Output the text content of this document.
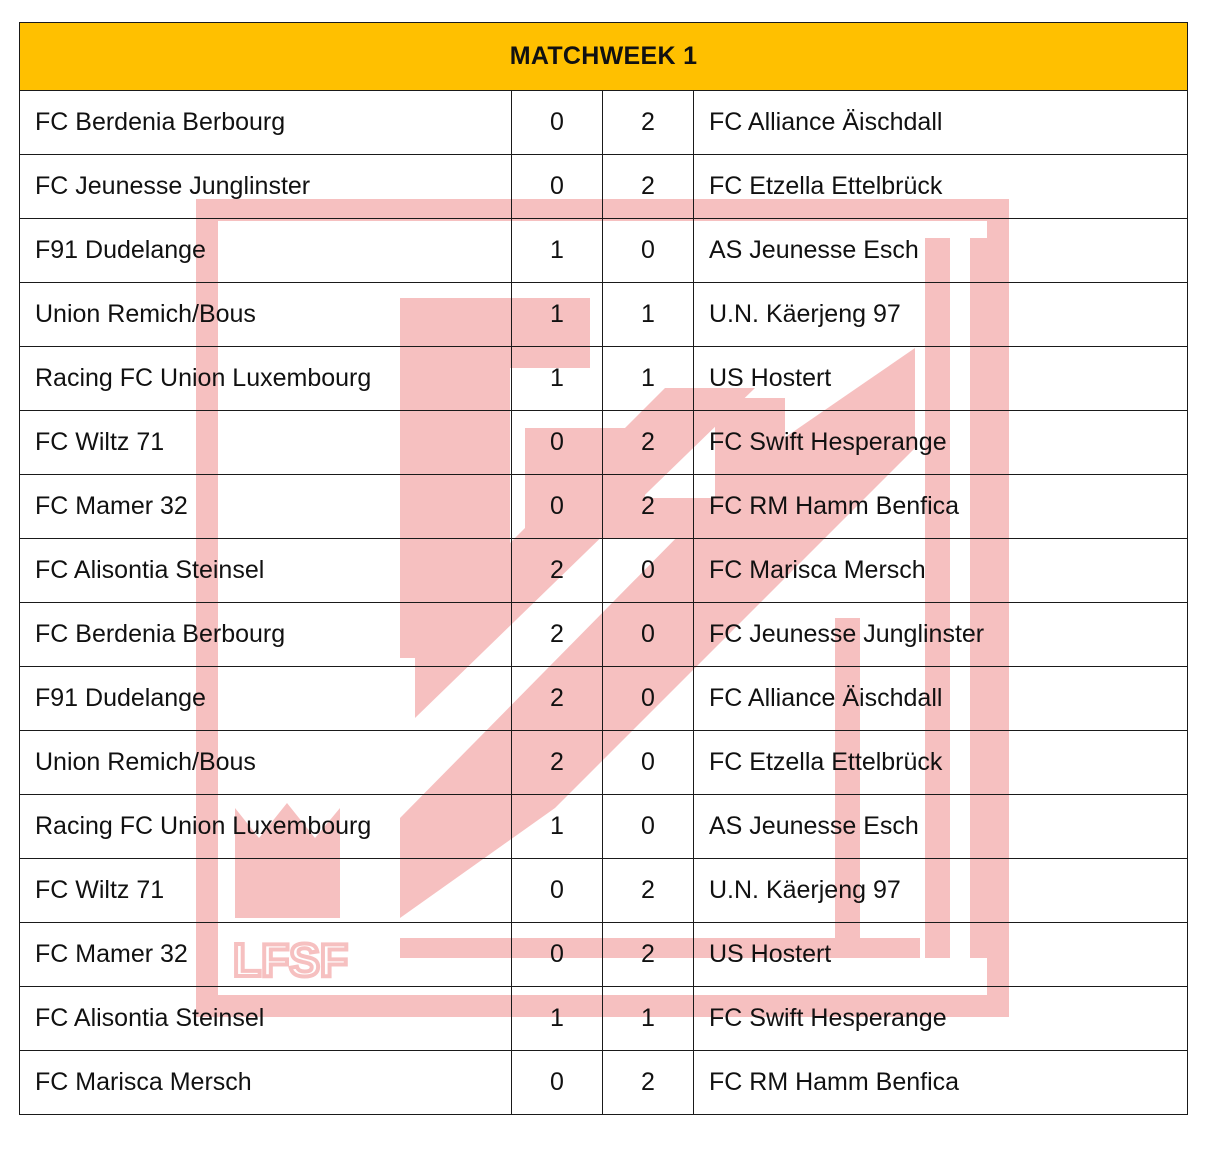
LFSF
MATCHWEEK 1			
FC Berdenia Berbourg	0	2	FC Alliance Äischdall
FC Jeunesse Junglinster	0	2	FC Etzella Ettelbrück
F91 Dudelange	1	0	AS Jeunesse Esch
Union Remich/Bous	1	1	U.N. Käerjeng 97
Racing FC Union Luxembourg	1	1	US Hostert
FC Wiltz 71	0	2	FC Swift Hesperange
FC Mamer 32	0	2	FC RM Hamm Benfica
FC Alisontia Steinsel	2	0	FC Marisca Mersch
FC Berdenia Berbourg	2	0	FC Jeunesse Junglinster
F91 Dudelange	2	0	FC Alliance Äischdall
Union Remich/Bous	2	0	FC Etzella Ettelbrück
Racing FC Union Luxembourg	1	0	AS Jeunesse Esch
FC Wiltz 71	0	2	U.N. Käerjeng 97
FC Mamer 32	0	2	US Hostert
FC Alisontia Steinsel	1	1	FC Swift Hesperange
FC Marisca Mersch	0	2	FC RM Hamm Benfica
